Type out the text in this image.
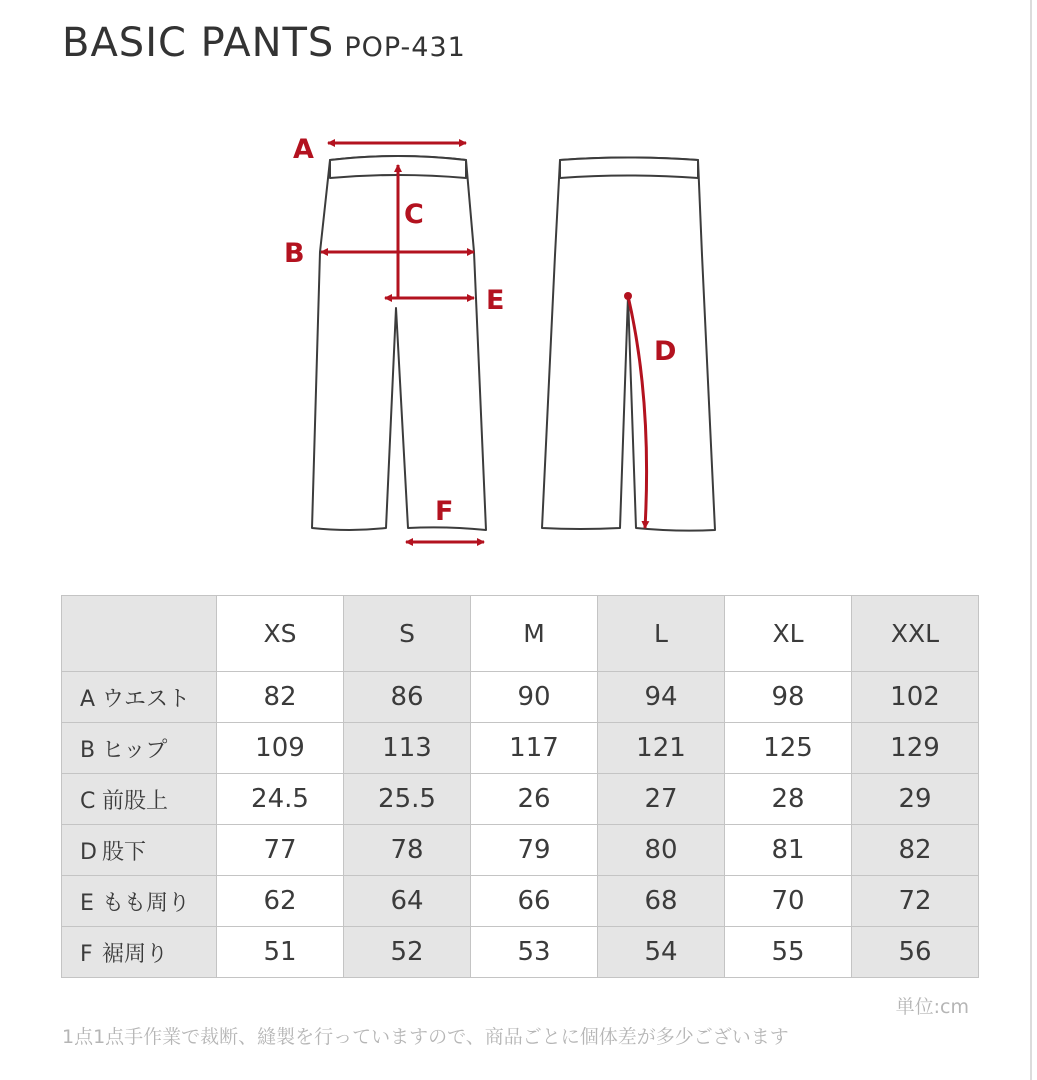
BASIC PANTS POP-431
A
C
B
E
D
F
	XS	S	M	L	XL	XXL
A ウエスト	82	86	90	94	98	102
B ヒップ	109	113	117	121	125	129
C 前股上	24.5	25.5	26	27	28	29
D 股下	77	78	79	80	81	82
E もも周り	62	64	66	68	70	72
F 裾周り	51	52	53	54	55	56
単位:cm
1点1点手作業で裁断、縫製を行っていますので、商品ごとに個体差が多少ございます
